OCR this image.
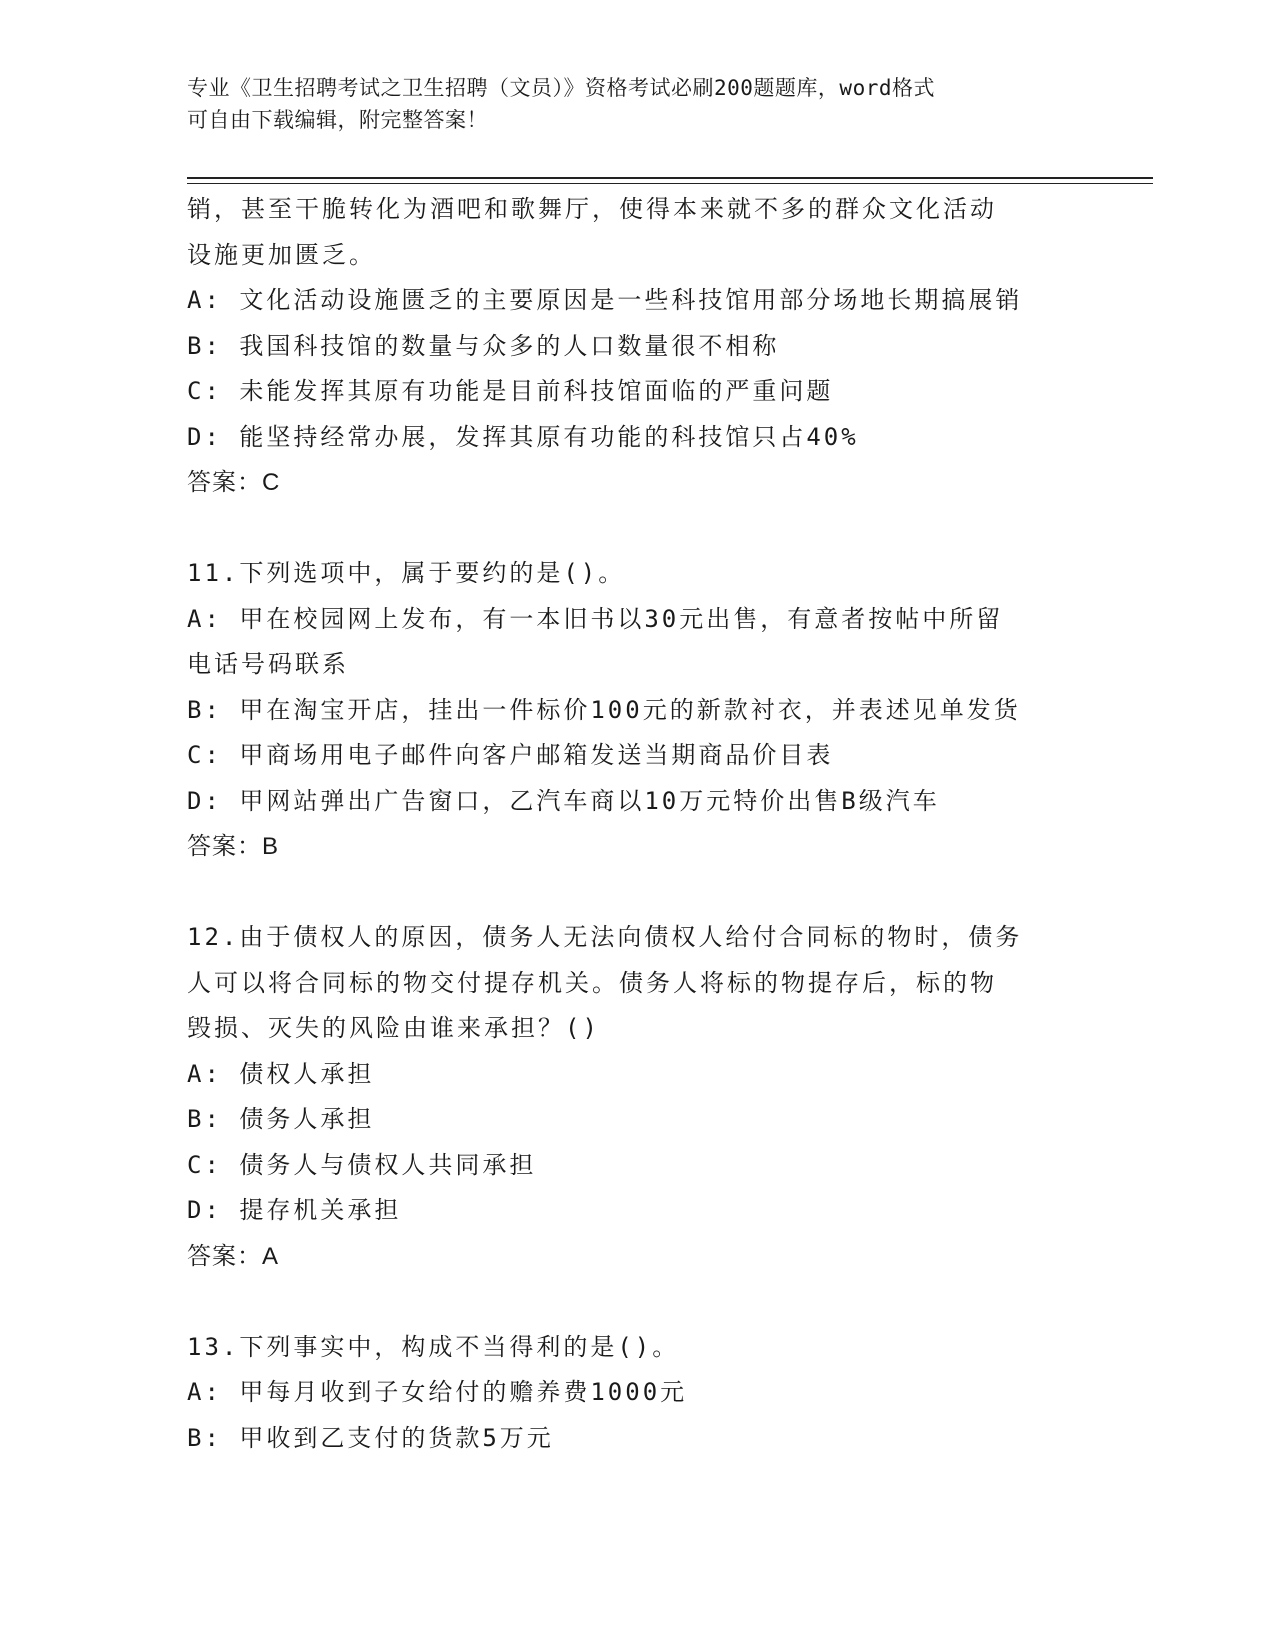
专业《卫生招聘考试之卫生招聘（文员）》资格考试必刷200题题库，word格式
可自由下载编辑，附完整答案！
销，甚至干脆转化为酒吧和歌舞厅，使得本来就不多的群众文化活动
设施更加匮乏。
A: 文化活动设施匮乏的主要原因是一些科技馆用部分场地长期搞展销
B: 我国科技馆的数量与众多的人口数量很不相称
C: 未能发挥其原有功能是目前科技馆面临的严重问题
D: 能坚持经常办展，发挥其原有功能的科技馆只占40%
答案：C
11.下列选项中，属于要约的是()。
A: 甲在校园网上发布，有一本旧书以30元出售，有意者按帖中所留
电话号码联系
B: 甲在淘宝开店，挂出一件标价100元的新款衬衣，并表述见单发货
C: 甲商场用电子邮件向客户邮箱发送当期商品价目表
D: 甲网站弹出广告窗口，乙汽车商以10万元特价出售B级汽车
答案：B
12.由于债权人的原因，债务人无法向债权人给付合同标的物时，债务
人可以将合同标的物交付提存机关。债务人将标的物提存后，标的物
毁损、灭失的风险由谁来承担？()
A: 债权人承担
B: 债务人承担
C: 债务人与债权人共同承担
D: 提存机关承担
答案：A
13.下列事实中，构成不当得利的是()。
A: 甲每月收到子女给付的赡养费1000元
B: 甲收到乙支付的货款5万元
